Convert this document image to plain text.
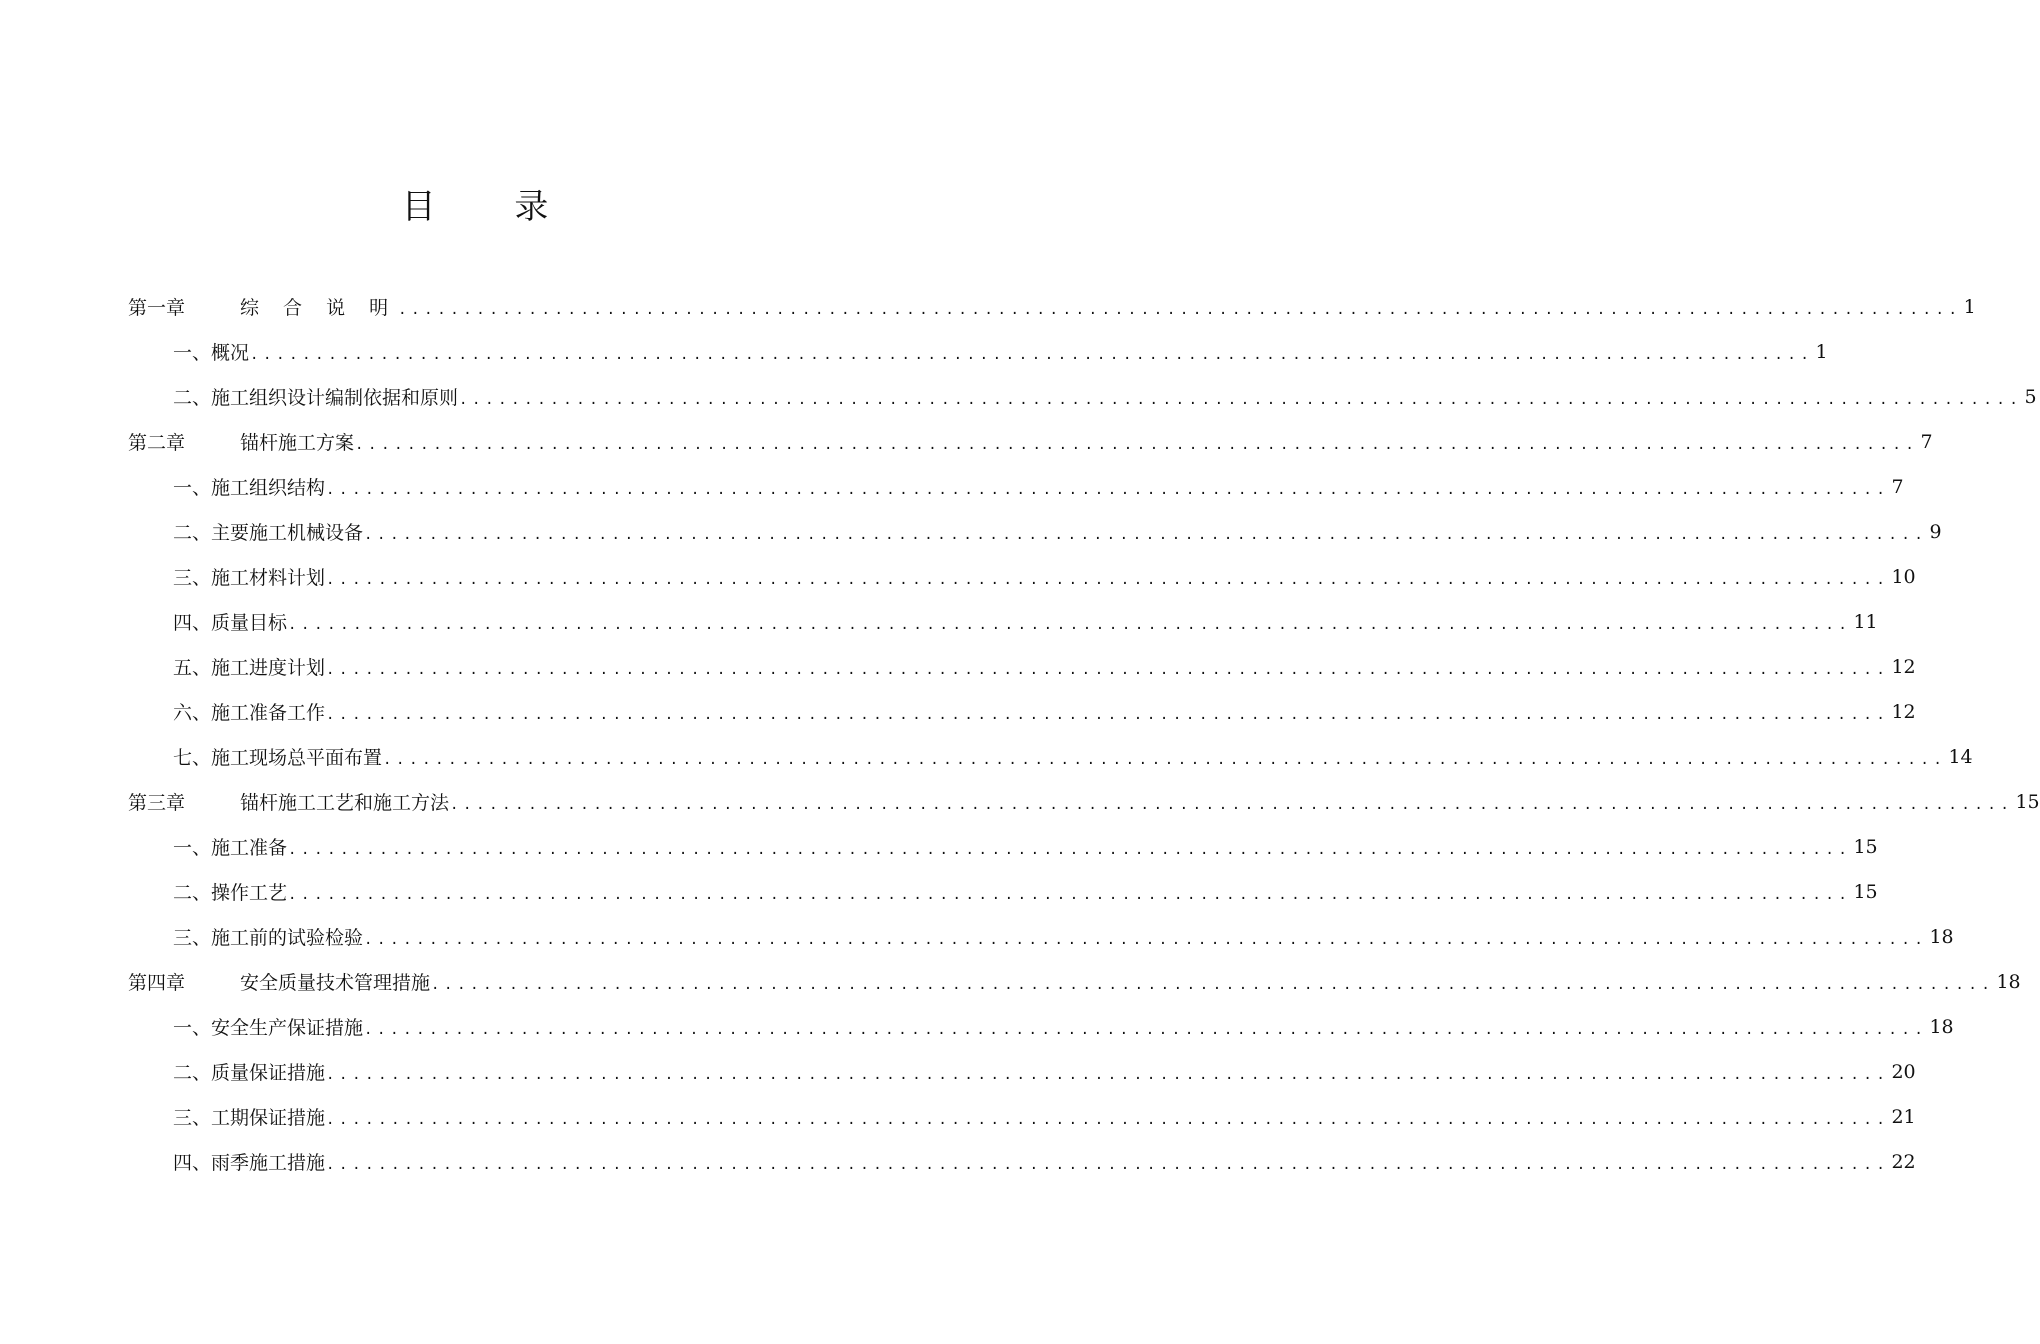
目 录
第一章	综 合 说 明 ........................................................................................................................ 1
一、概况 ........................................................................................................................ 1
二、施工组织设计编制依据和原则 ........................................................................................................................ 5
第二章	锚杆施工方案 ........................................................................................................................ 7
一、施工组织结构 ........................................................................................................................ 7
二、主要施工机械设备 ........................................................................................................................ 9
三、施工材料计划 ........................................................................................................................ 10
四、质量目标 ........................................................................................................................ 11
五、施工进度计划 ........................................................................................................................ 12
六、施工准备工作 ........................................................................................................................ 12
七、施工现场总平面布置 ........................................................................................................................ 14
第三章	锚杆施工工艺和施工方法 ........................................................................................................................ 15
一、施工准备 ........................................................................................................................ 15
二、操作工艺 ........................................................................................................................ 15
三、施工前的试验检验 ........................................................................................................................ 18
第四章	安全质量技术管理措施 ........................................................................................................................ 18
一、安全生产保证措施 ........................................................................................................................ 18
二、质量保证措施 ........................................................................................................................ 20
三、工期保证措施 ........................................................................................................................ 21
四、雨季施工措施 ........................................................................................................................ 22
